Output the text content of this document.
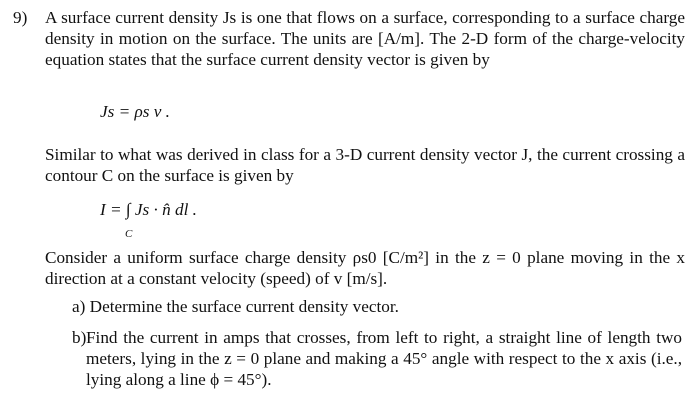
9) A surface current density Js is one that flows on a surface, corresponding to a surface charge density in motion on the surface. The units are [A/m]. The 2-D form of the charge-velocity equation states that the surface current density vector is given by
Js = ρs v .
Similar to what was derived in class for a 3-D current density vector J, the current crossing a contour C on the surface is given by
I = ∫ Js · n̂ dl .
C
Consider a uniform surface charge density ρs0 [C/m²] in the z = 0 plane moving in the x direction at a constant velocity (speed) of v [m/s].
a) Determine the surface current density vector.
b) Find the current in amps that crosses, from left to right, a straight line of length two meters, lying in the z = 0 plane and making a 45° angle with respect to the x axis (i.e., lying along a line ϕ = 45°).
